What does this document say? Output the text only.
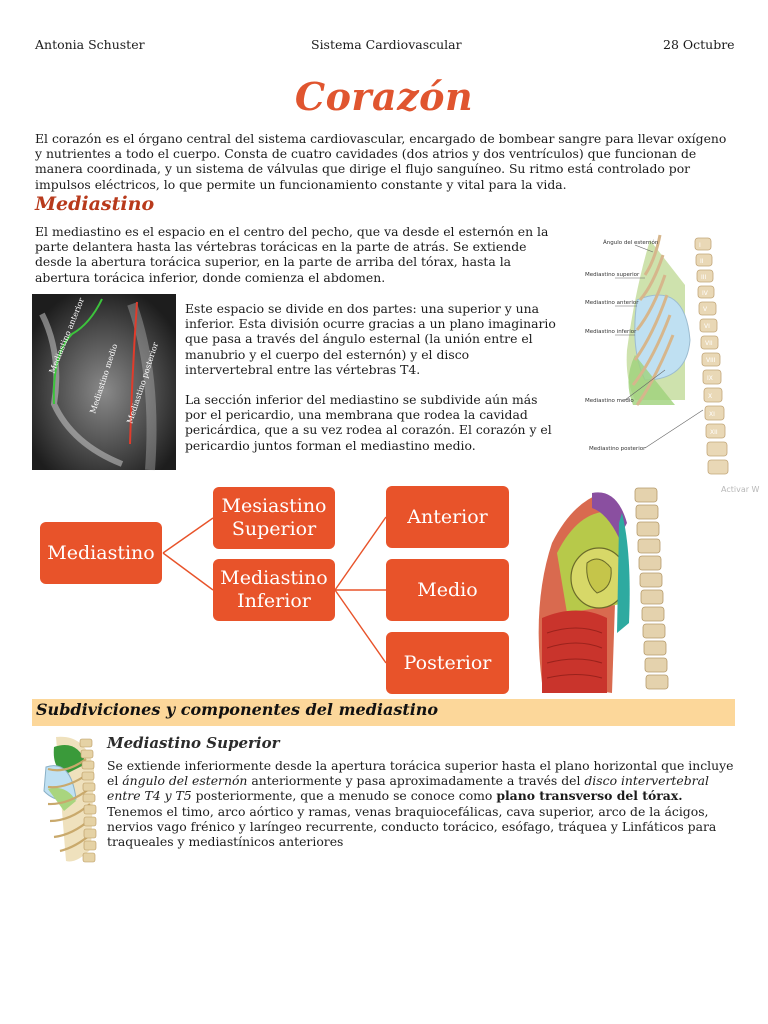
Antonia Schuster	Sistema Cardiovascular	28 Octubre
Corazón

El corazón es el órgano central del sistema cardiovascular, encargado de bombear sangre para llevar oxígeno y nutrientes a todo el cuerpo. Consta de cuatro cavidades (dos atrios y dos ventrículos) que funcionan de manera coordinada, y un sistema de válvulas que dirige el flujo sanguíneo. Su ritmo está controlado por impulsos eléctricos, lo que permite un funcionamiento constante y vital para la vida.

Mediastino

El mediastino es el espacio en el centro del pecho, que va desde el esternón en la parte delantera hasta las vértebras torácicas en la parte de atrás. Se extiende desde la abertura torácica superior, en la parte de arriba del tórax, hasta la abertura torácica inferior, donde comienza el abdomen.

Mediastino anterior
Mediastino medio Mediastino posterior

Este espacio se divide en dos partes: una superior y una inferior. Esta división ocurre gracias a un plano imaginario que pasa a través del ángulo esternal (la unión entre el manubrio y el cuerpo del esternón) y el disco intervertebral entre las vértebras T4.

La sección inferior del mediastino se subdivide aún más por el pericardio, una membrana que rodea la cavidad pericárdica, que a su vez rodea al corazón. El corazón y el pericardio juntos forman el mediastino medio.

I
II
III
IV
V
VI
VII
VIII
IX
X
XI
XII
Ángulo del esternón
Mediastino superior
Mediastino anterior
Mediastino inferior
Mediastino medio
Mediastino posterior
Activar W
Mediastino
Mesiastino Superior
Mediastino Inferior
Anterior
Medio
Posterior
Subdiviciones y componentes del mediastino
Mediastino Superior

Se extiende inferiormente desde la apertura torácica superior hasta el plano horizontal que incluye el ángulo del esternón anteriormente y pasa aproximadamente a través del disco intervertebral entre T4 y T5 posteriormente, que a menudo se conoce como plano transverso del tórax.
Tenemos el timo, arco aórtico y ramas, venas braquiocefálicas, cava superior, arco de la ácigos, nervios vago frénico y laríngeo recurrente, conducto torácico, esófago, tráquea y Linfáticos para traqueales y mediastínicos anteriores
